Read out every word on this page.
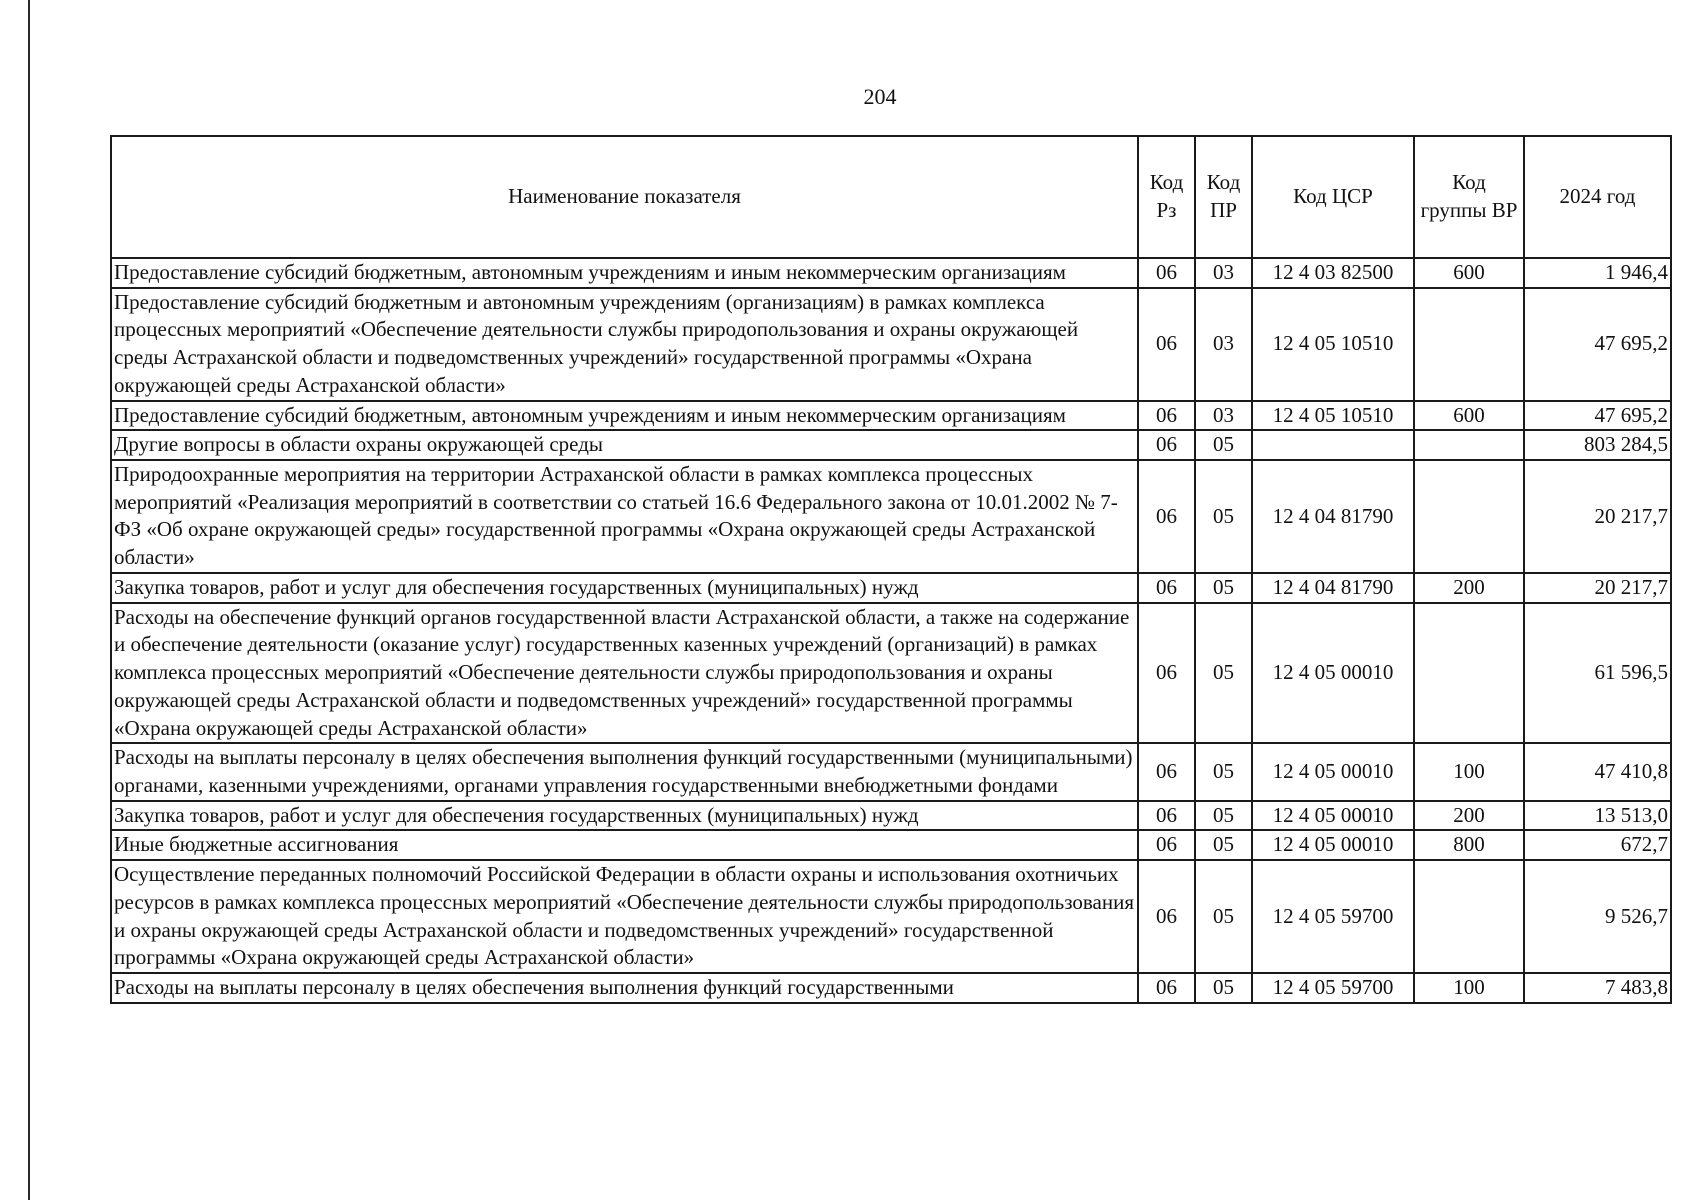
204
Наименование показателя	Код Рз	Код ПР	Код ЦСР	Код группы ВР	2024 год
Предоставление субсидий бюджетным, автономным учреждениям и иным некоммерческим организациям	06	03	12 4 03 82500	600	1 946,4
Предоставление субсидий бюджетным и автономным учреждениям (организациям) в рамках комплекса процессных мероприятий «Обеспечение деятельности службы природопользования и охраны окружающей среды Астраханской области и подведомственных учреждений» государственной программы «Охрана окружающей среды Астраханской области»	06	03	12 4 05 10510		47 695,2
Предоставление субсидий бюджетным, автономным учреждениям и иным некоммерческим организациям	06	03	12 4 05 10510	600	47 695,2
Другие вопросы в области охраны окружающей среды	06	05			803 284,5
Природоохранные мероприятия на территории Астраханской области в рамках комплекса процессных мероприятий «Реализация мероприятий в соответствии со статьей 16.6 Федерального закона от 10.01.2002 № 7-ФЗ «Об охране окружающей среды» государственной программы «Охрана окружающей среды Астраханской области»	06	05	12 4 04 81790		20 217,7
Закупка товаров, работ и услуг для обеспечения государственных (муниципальных) нужд	06	05	12 4 04 81790	200	20 217,7
Расходы на обеспечение функций органов государственной власти Астраханской области, а также на содержание и обеспечение деятельности (оказание услуг) государственных казенных учреждений (организаций) в рамках комплекса процессных мероприятий «Обеспечение деятельности службы природопользования и охраны окружающей среды Астраханской области и подведомственных учреждений» государственной программы «Охрана окружающей среды Астраханской области»	06	05	12 4 05 00010		61 596,5
Расходы на выплаты персоналу в целях обеспечения выполнения функций государственными (муниципальными) органами, казенными учреждениями, органами управления государственными внебюджетными фондами	06	05	12 4 05 00010	100	47 410,8
Закупка товаров, работ и услуг для обеспечения государственных (муниципальных) нужд	06	05	12 4 05 00010	200	13 513,0
Иные бюджетные ассигнования	06	05	12 4 05 00010	800	672,7
Осуществление переданных полномочий Российской Федерации в области охраны и использования охотничьих ресурсов в рамках комплекса процессных мероприятий «Обеспечение деятельности службы природопользования и охраны окружающей среды Астраханской области и подведомственных учреждений» государственной программы «Охрана окружающей среды Астраханской области»	06	05	12 4 05 59700		9 526,7
Расходы на выплаты персоналу в целях обеспечения выполнения функций государственными	06	05	12 4 05 59700	100	7 483,8
